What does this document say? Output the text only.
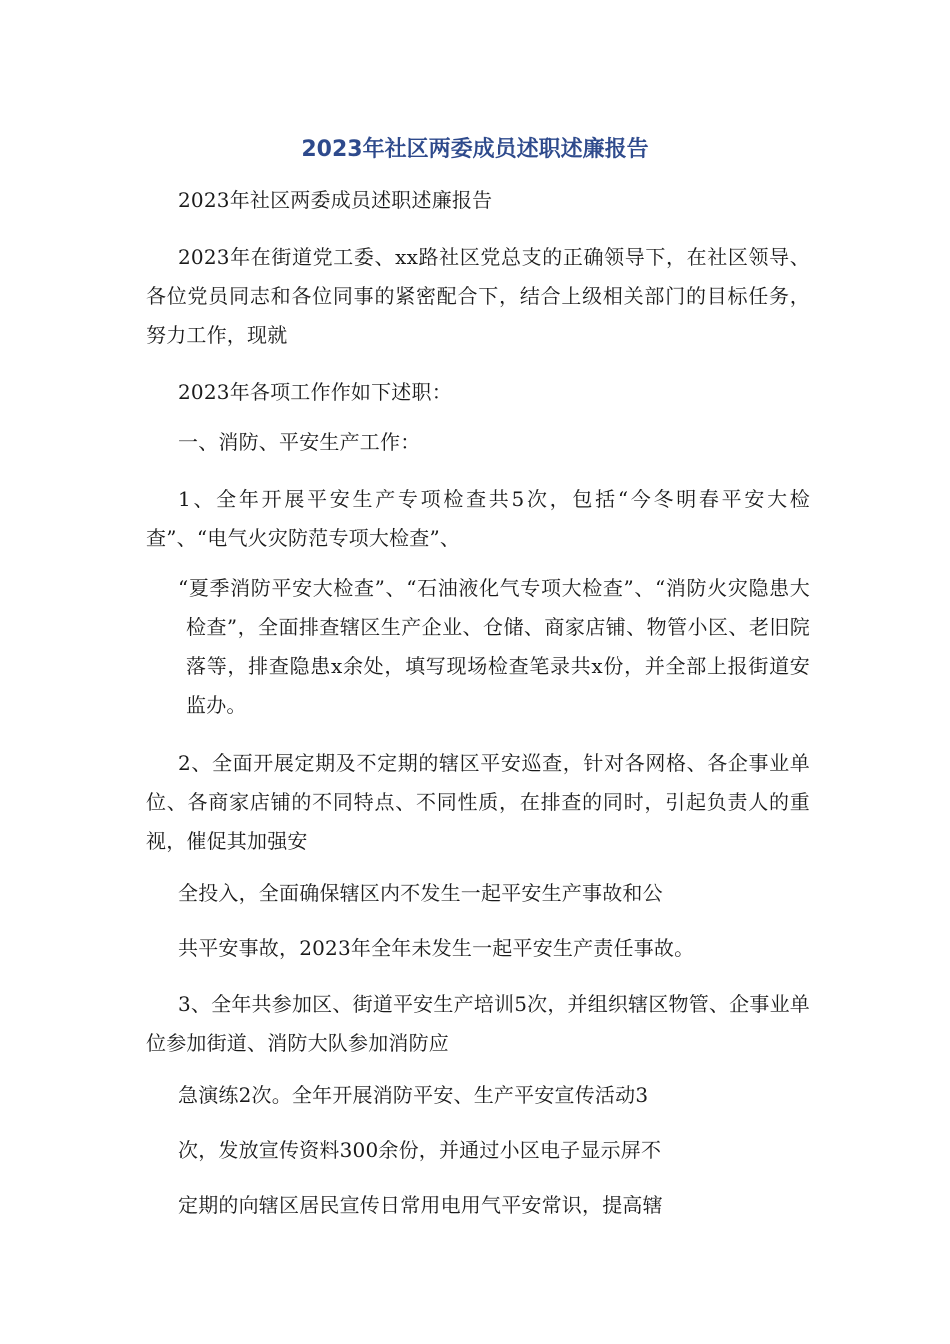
2023年社区两委成员述职述廉报告

2023年社区两委成员述职述廉报告

2023年在街道党工委、xx路社区党总支的正确领导下，在社区领导、各位党员同志和各位同事的紧密配合下，结合上级相关部门的目标任务，努力工作，现就

2023年各项工作作如下述职：

一、消防、平安生产工作：

1、全年开展平安生产专项检查共5次，包括“今冬明春平安大检查”、“电气火灾防范专项大检查”、

“夏季消防平安大检查”、“石油液化气专项大检查”、“消防火灾隐患大检查”，全面排查辖区生产企业、仓储、商家店铺、物管小区、老旧院落等，排查隐患x余处，填写现场检查笔录共x份，并全部上报街道安监办。

2、全面开展定期及不定期的辖区平安巡查，针对各网格、各企事业单位、各商家店铺的不同特点、不同性质，在排查的同时，引起负责人的重视，催促其加强安

全投入，全面确保辖区内不发生一起平安生产事故和公

共平安事故，2023年全年未发生一起平安生产责任事故。

3、全年共参加区、街道平安生产培训5次，并组织辖区物管、企事业单位参加街道、消防大队参加消防应

急演练2次。全年开展消防平安、生产平安宣传活动3

次，发放宣传资料300余份，并通过小区电子显示屏不

定期的向辖区居民宣传日常用电用气平安常识，提高辖
